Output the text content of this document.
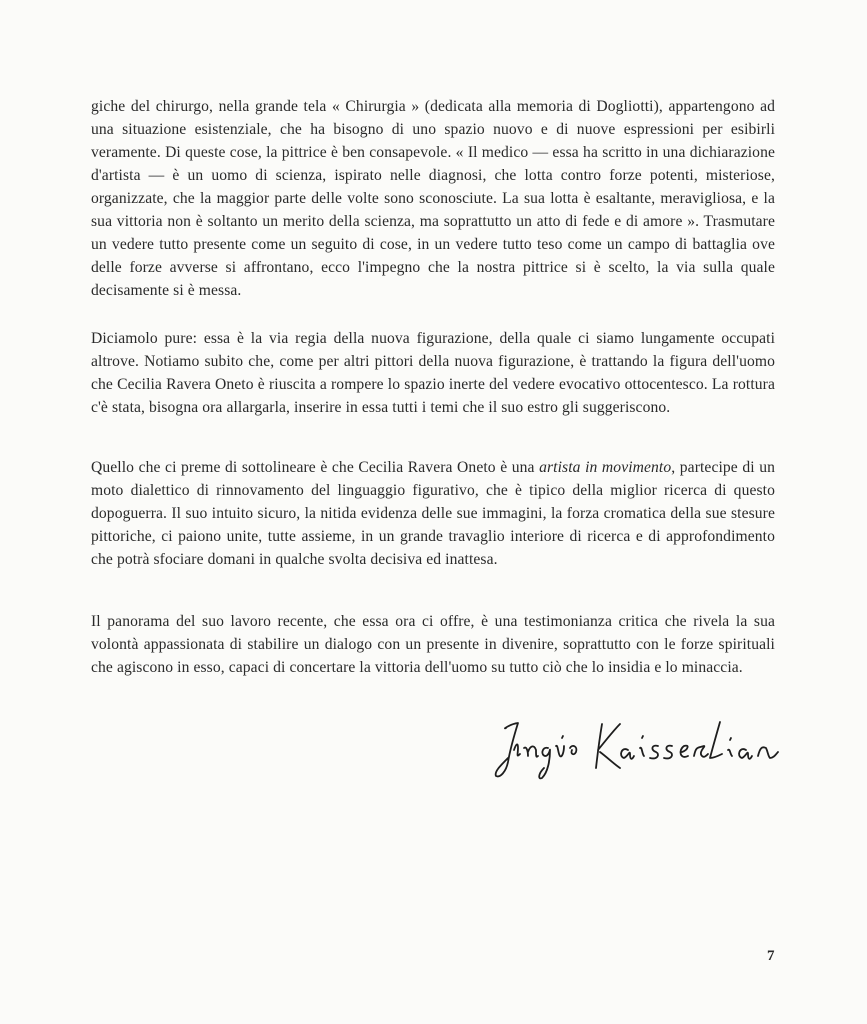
giche del chirurgo, nella grande tela « Chirurgia » (dedicata alla memoria di Dogliotti), appartengono ad una situazione esistenziale, che ha bisogno di uno spazio nuovo e di nuove espressioni per esibirli veramente. Di queste cose, la pittrice è ben consapevole. « Il medico — essa ha scritto in una dichiarazione d'artista — è un uomo di scienza, ispirato nelle diagnosi, che lotta contro forze potenti, misteriose, organizzate, che la maggior parte delle volte sono sconosciute. La sua lotta è esaltante, meravigliosa, e la sua vittoria non è soltanto un merito della scienza, ma soprattutto un atto di fede e di amore ». Trasmutare un vedere tutto presente come un seguito di cose, in un vedere tutto teso come un campo di battaglia ove delle forze avverse si affrontano, ecco l'impegno che la nostra pittrice si è scelto, la via sulla quale decisamente si è messa.

Diciamolo pure: essa è la via regia della nuova figurazione, della quale ci siamo lungamente occupati altrove. Notiamo subito che, come per altri pittori della nuova figurazione, è trattando la figura dell'uomo che Cecilia Ravera Oneto è riuscita a rompere lo spazio inerte del vedere evocativo ottocentesco. La rottura c'è stata, bisogna ora allargarla, inserire in essa tutti i temi che il suo estro gli suggeriscono.

Quello che ci preme di sottolineare è che Cecilia Ravera Oneto è una artista in movimento, partecipe di un moto dialettico di rinnovamento del linguaggio figurativo, che è tipico della miglior ricerca di questo dopoguerra. Il suo intuito sicuro, la nitida evidenza delle sue immagini, la forza cromatica della sue stesure pittoriche, ci paiono unite, tutte assieme, in un grande travaglio interiore di ricerca e di approfondimento che potrà sfociare domani in qualche svolta decisiva ed inattesa.

Il panorama del suo lavoro recente, che essa ora ci offre, è una testimonianza critica che rivela la sua volontà appassionata di stabilire un dialogo con un presente in divenire, soprattutto con le forze spirituali che agiscono in esso, capaci di concertare la vittoria dell'uomo su tutto ciò che lo insidia e lo minaccia.

7
